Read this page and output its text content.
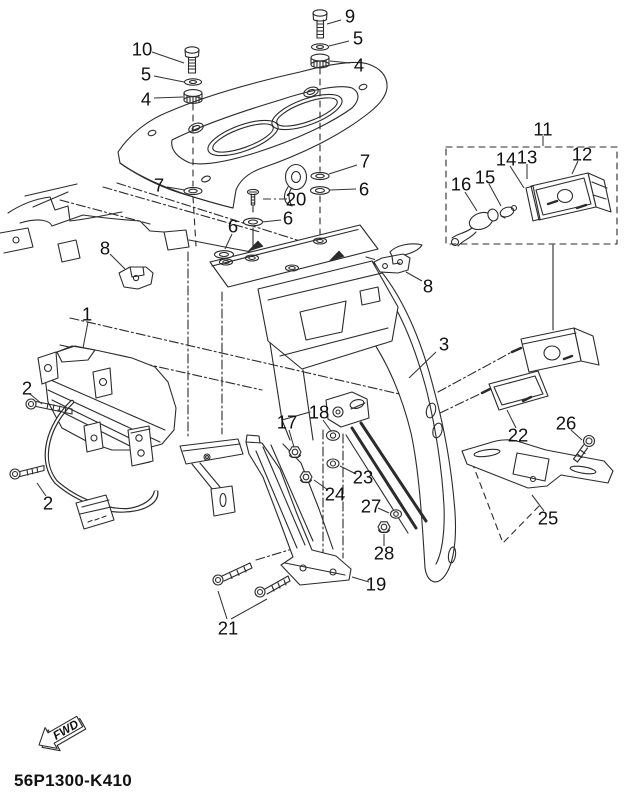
FWD
9
10
5
4
5
4
7
7
6
20
6
6
8
8
1
3
11
12
13
14
15
16
2
2
17 18
22
23
24
26
25
27
28
19
21
56P1300-K410
